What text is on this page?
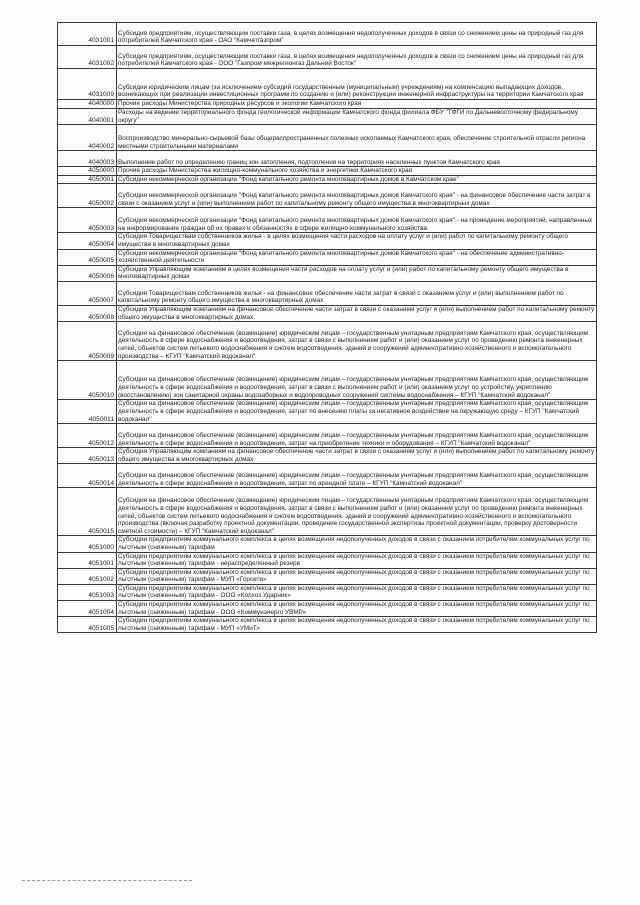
4031001	Субсидия предприятиям, осуществляющим поставки газа, в целях возмещения недополученных доходов в связи со снижением цены на природный газ для потребителей Камчатского края - ОАО "Камчатгазпром"
4031002	Субсидия предприятиям, осуществляющим поставки газа, в целях возмещения недополученных доходов в связи со снижением цены на природный газ для потребителей Камчатского края - ООО "Газпром межрегионгаз Дальний Восток"
4031009	Субсидии юридическим лицам (за исключением субсидий государственным (муниципальным) учреждениям) на компенсацию выпадающих доходов, возникающих при реализации инвестиционных программ по созданию и (или) реконструкции инженерной инфраструктуры на территории Камчатского края
4040000	Прочие расходы Министерства природных ресурсов и экологии Камчатского края
4040001	Расходы на ведение территориального фонда геологической информации Камчатского фонда филиала ФБУ "ТФГИ по Дальневосточному федеральному округу"
4040002	Воспроизводство минерально-сырьевой базы общераспространенных полезных ископаемых Камчатского края, обеспечение строительной отрасли региона местными строительными материалами
4040003	Выполнение работ по определению границ зон затопления, подтопления на территориях населенных пунктов Камчатского края
4050000	Прочие расходы Министерства жилищно-коммунального хозяйства и энергетики Камчатского края
4050001	Субсидия некоммерческой организации "Фонд капитального ремонта многоквартирных домов в Камчатском крае"
4050002	Субсидия некоммерческой организации "Фонд капитального ремонта многоквартирных домов Камчатского края" - на финансовое обеспечение части затрат в связи с оказанием услуг и (или) выполнением работ по капитальному ремонту общего имущества в многоквартирных домах
4050003	Субсидия некоммерческой организации "Фонд капитального ремонта многоквартирных домов Камчатского края" - на проведение мероприятий, направленных на информирование граждан об их правах и обязанностях в сфере жилищно-коммунального хозяйства
4050004	Субсидия Товариществам собственников жилья - в целях возмещения части расходов на оплату услуг и (или) работ по капитальному ремонту общего имущества в многоквартирных домах
4050005	Субсидия некоммерческой организации "Фонд капитального ремонта многоквартирных домов Камчатского края" - на обеспечение административно-хозяйственной деятельности
4050006	Субсидия Управляющим компаниям в целях возмещения части расходов на оплату услуг и (или) работ по капитальному ремонту общего имущества в многоквартирных домах
4050007	Субсидия Товариществам собственников жилья - на финансовое обеспечение части затрат в связи с оказанием услуг и (или) выполнением работ по капитальному ремонту общего имущества в многоквартирных домах
4050008	Субсидия Управляющим компаниям на финансовое обеспечение части затрат в связи с оказанием услуг и (или) выполнением работ по капитальному ремонту общего имущества в многоквартирных домах
4050009	Субсидия на финансовое обеспечение (возмещение) юридическим лицам – государственным унитарным предприятиям Камчатского края, осуществляющим деятельность в сфере водоснабжения и водоотведения, затрат в связи с выполнением работ и (или) оказанием услуг по проведению ремонта инженерных сетей, объектов систем питьевого водоснабжения и систем водоотведения, зданий и сооружений административно-хозяйственного и вспомогательного производства – КГУП "Камчатский водоканал"
4050010	Субсидия на финансовое обеспечение (возмещение) юридическим лицам – государственным унитарным предприятиям Камчатского края, осуществляющим деятельность в сфере водоснабжения и водоотведения, затрат в связи с выполнением работ и (или) оказанием услуг по устройству, укреплению (восстановлению) зон санитарной охраны водозаборных и водопроводных сооружений системы водоснабжения – КГУП "Камчатский водоканал"
4050011	Субсидия на финансовое обеспечение (возмещение) юридическим лицам – государственным унитарным предприятиям Камчатского края, осуществляющим деятельность в сфере водоснабжения и водоотведения, затрат по внесению платы за негативное воздействие на окружающую среду – КГУП "Камчатский водоканал"
4050012	Субсидия на финансовое обеспечение (возмещение) юридическим лицам – государственным унитарным предприятиям Камчатского края, осуществляющим деятельность в сфере водоснабжения и водоотведения, затрат на приобретение техники и оборудования – КГУП "Камчатский водоканал"
4050013	Субсидия Управляющим компаниям на финансовое обеспечение части затрат в связи с оказанием услуг и (или) выполнением работ по капитальному ремонту общего имущества в многоквартирных домах
4050014	Субсидия на финансовое обеспечение (возмещение) юридическим лицам – государственным унитарным предприятиям Камчатского края, осуществляющим деятельность в сфере водоснабжения и водоотведения, затрат по арендной плате – КГУП "Камчатский водоканал"
4050015	Субсидия на финансовое обеспечение (возмещение) юридическим лицам – государственным унитарным предприятиям Камчатского края, осуществляющим деятельность в сфере водоснабжения и водоотведения, затрат в связи с выполнением работ и (или) оказанием услуг по проведению ремонта инженерных сетей, объектов систем питьевого водоснабжения и систем водоотведения, зданий и сооружений административно-хозяйственного и вспомогательного производства (включая разработку проектной документации, проведение государственной экспертизы проектной документации, проверку достоверности сметной стоимости) – КГУП "Камчатский водоканал"
4051000	Субсидии предприятиям коммунального комплекса в целях возмещения недополученных доходов в связи с оказанием потребителям коммунальных услуг по льготным (сниженным) тарифам
4051001	Субсидии предприятиям коммунального комплекса в целях возмещения недополученных доходов в связи с оказанием потребителям коммунальных услуг по льготным (сниженным) тарифам - нераспределенный резерв
4051002	Субсидии предприятиям коммунального комплекса в целях возмещения недополученных доходов в связи с оказанием потребителям коммунальных услуг по льготным (сниженным) тарифам - МУП «Горсети»
4051003	Субсидии предприятиям коммунального комплекса в целях возмещения недополученных доходов в связи с оказанием потребителям коммунальных услуг по льготным (сниженным) тарифам - ООО «Колхоз Ударник»
4051004	Субсидии предприятиям коммунального комплекса в целях возмещения недополученных доходов в связи с оказанием потребителям коммунальных услуг по льготным (сниженным) тарифам - ООО «Коммунэнерго УВМР»
4051005	Субсидии предприятиям коммунального комплекса в целях возмещения недополученных доходов в связи с оказанием потребителям коммунальных услуг по льготным (сниженным) тарифам - МУП «УМиТ»
